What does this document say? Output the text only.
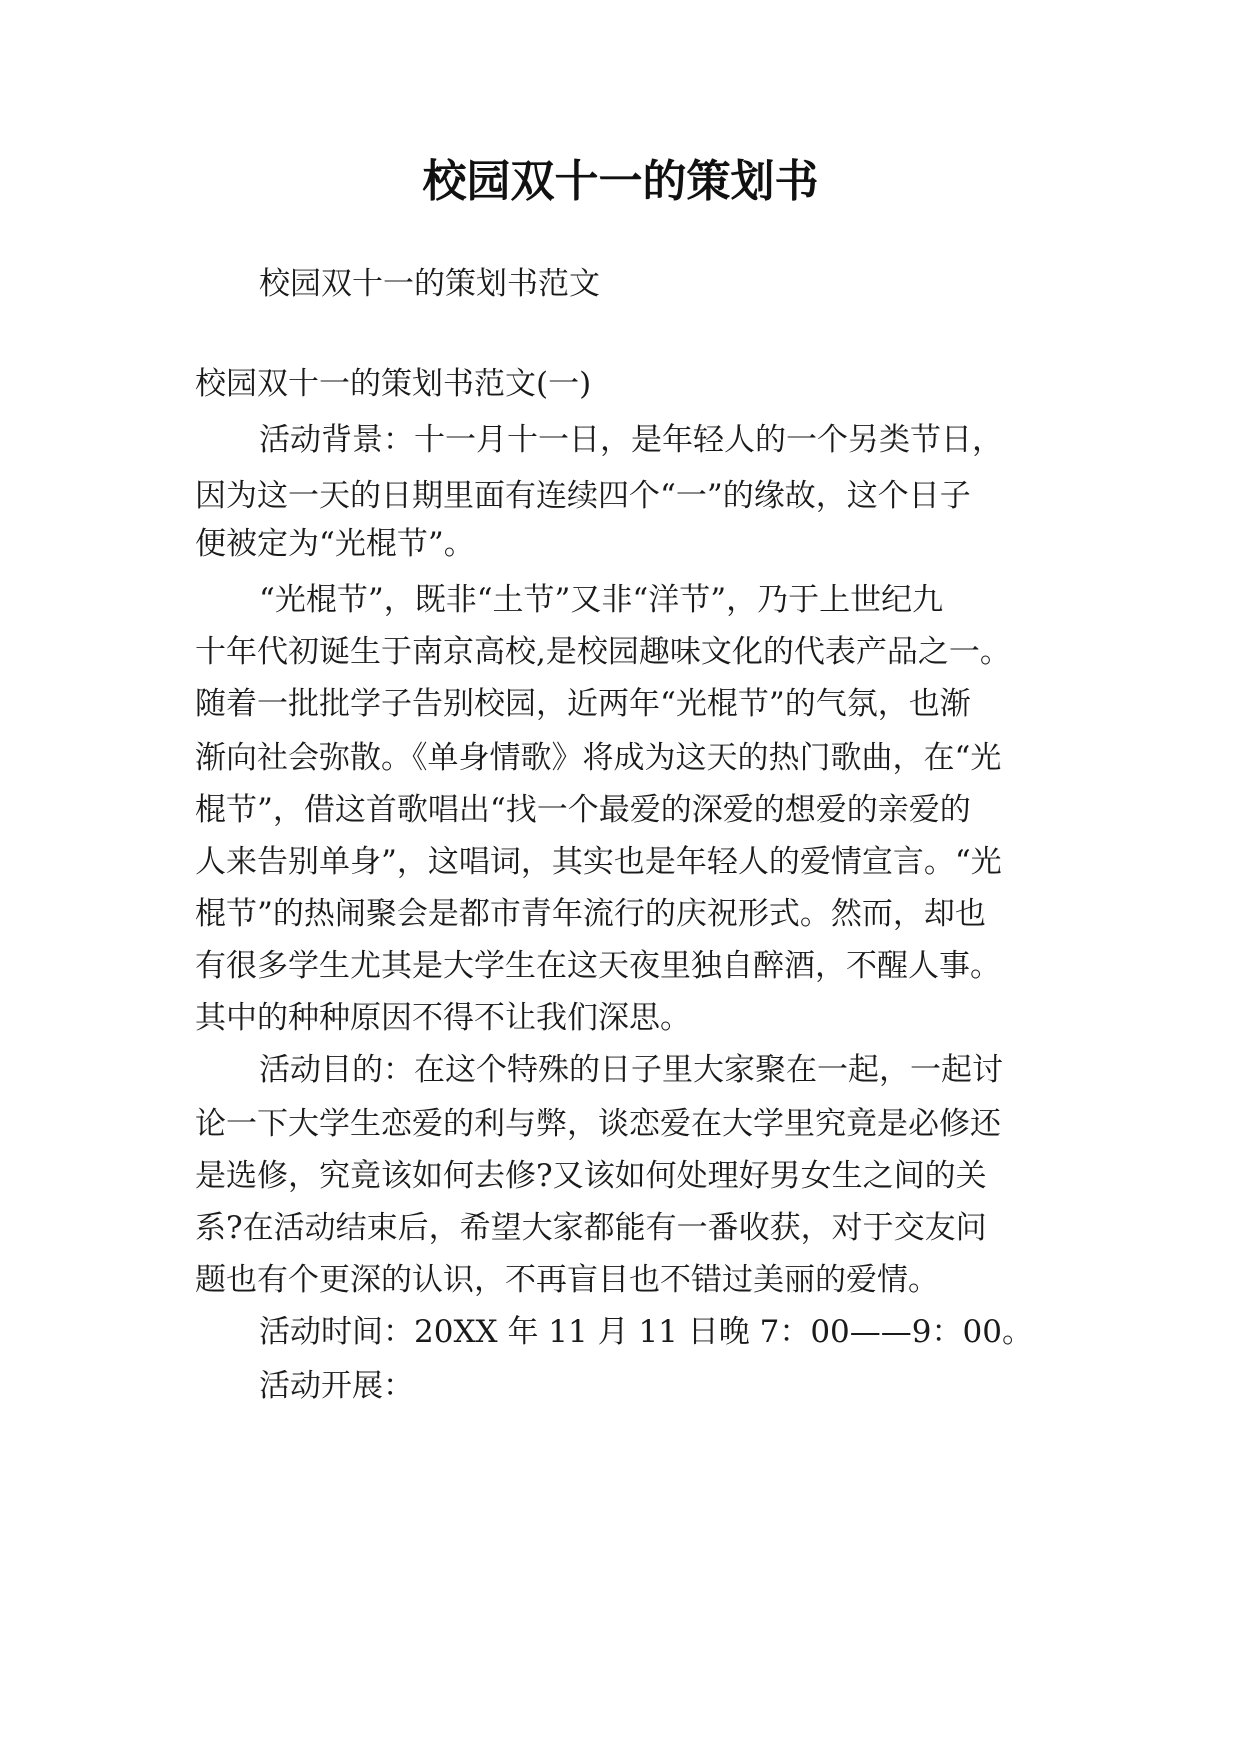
校园双十一的策划书

校园双十一的策划书范文

校园双十一的策划书范文(一)

活动背景：十一月十一日，是年轻人的一个另类节日，

因为这一天的日期里面有连续四个“一”的缘故，这个日子

便被定为“光棍节”。

“光棍节”，既非“土节”又非“洋节”，乃于上世纪九

十年代初诞生于南京高校,是校园趣味文化的代表产品之一。

随着一批批学子告别校园，近两年“光棍节”的气氛，也渐

渐向社会弥散。《单身情歌》将成为这天的热门歌曲，在“光

棍节”，借这首歌唱出“找一个最爱的深爱的想爱的亲爱的

人来告别单身”，这唱词，其实也是年轻人的爱情宣言。“光

棍节”的热闹聚会是都市青年流行的庆祝形式。然而，却也

有很多学生尤其是大学生在这天夜里独自醉酒，不醒人事。

其中的种种原因不得不让我们深思。

活动目的：在这个特殊的日子里大家聚在一起，一起讨

论一下大学生恋爱的利与弊，谈恋爱在大学里究竟是必修还

是选修，究竟该如何去修?又该如何处理好男女生之间的关

系?在活动结束后，希望大家都能有一番收获，对于交友问

题也有个更深的认识，不再盲目也不错过美丽的爱情。

活动时间：20XX 年 11 月 11 日晚 7：00——9：00。

活动开展：
